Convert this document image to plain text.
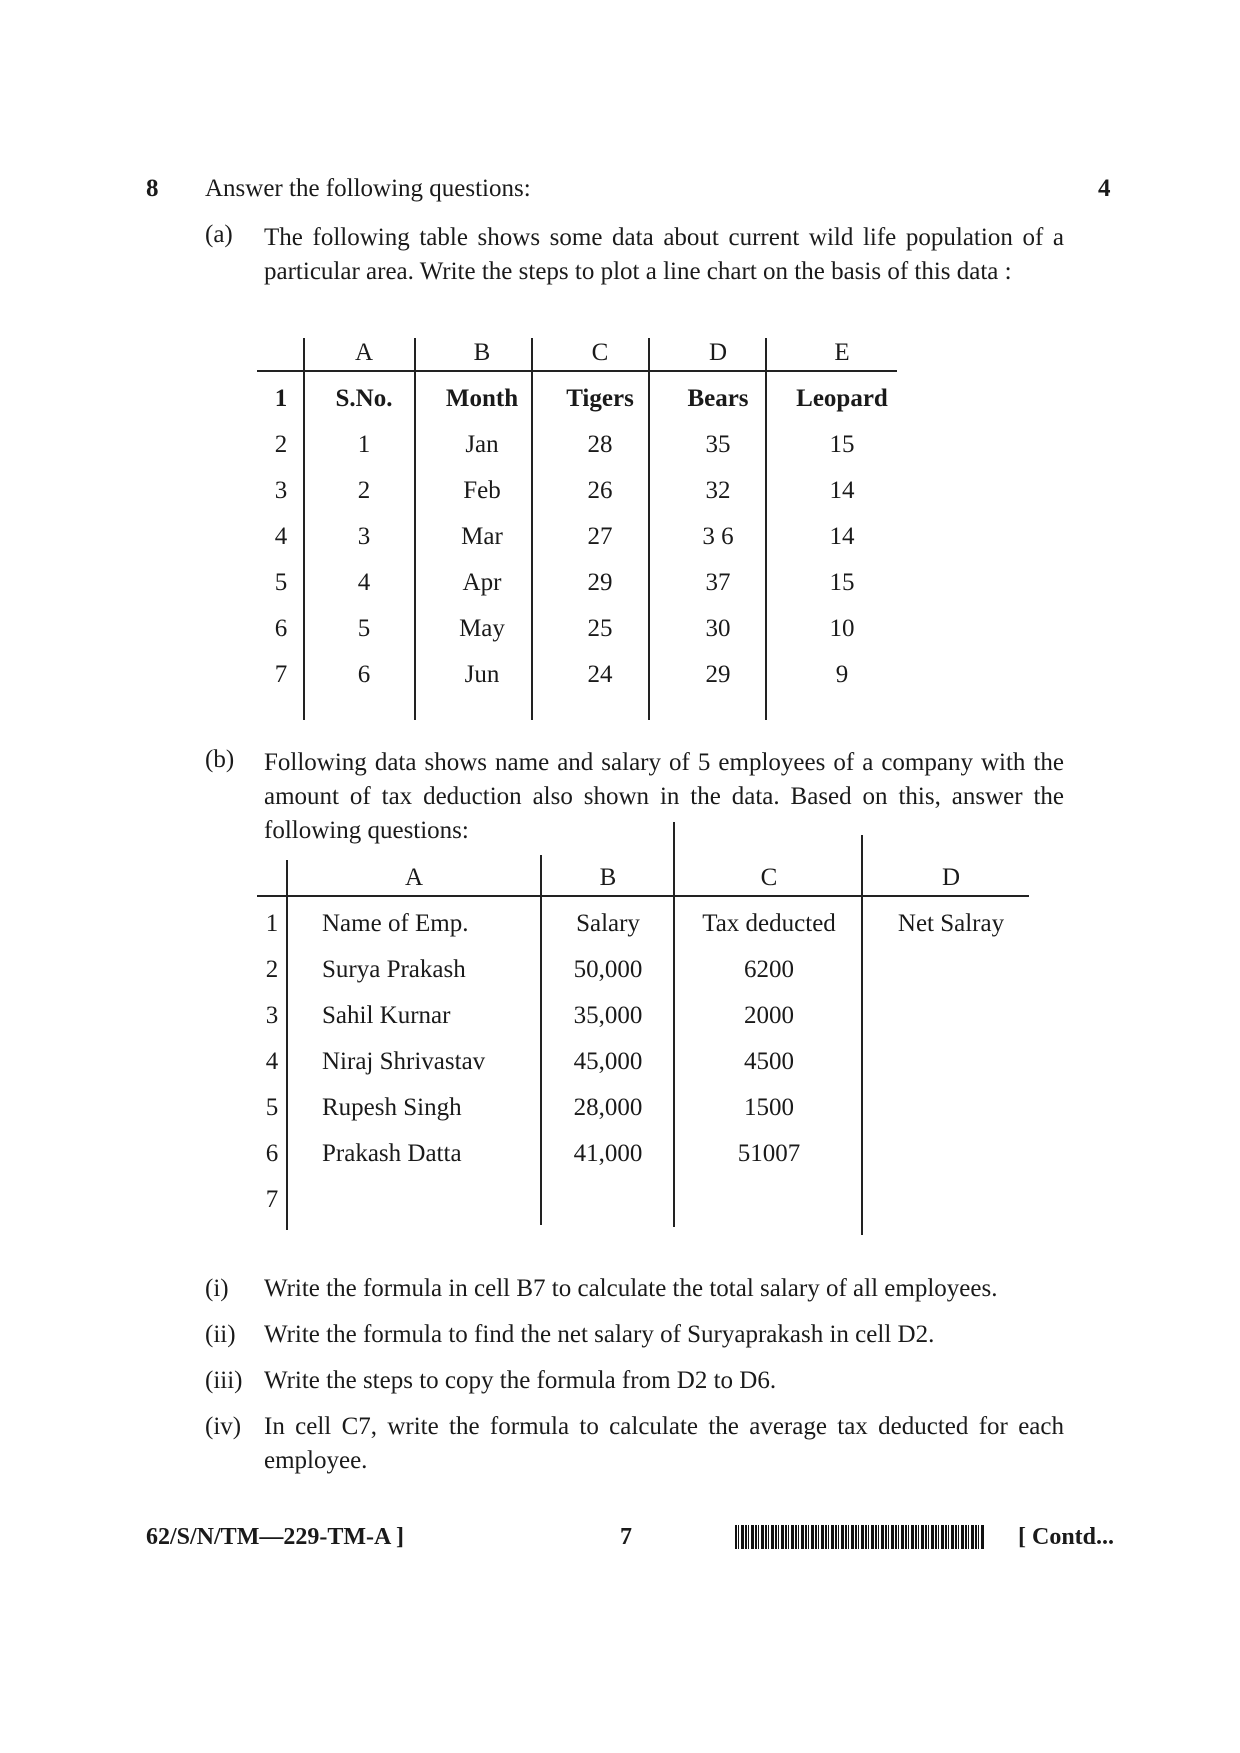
8 Answer the following questions:	4
(a) The following table shows some data about current wild life population of a particular area. Write the steps to plot a line chart on the basis of this data :
	A	B	C	D	E
1	S.No.	Month	Tigers	Bears	Leopard
2	1	Jan	28	35	15
3	2	Feb	26	32	14
4	3	Mar	27	3 6	14
5	4	Apr	29	37	15
6	5	May	25	30	10
7	6	Jun	24	29	9
(b) Following data shows name and salary of 5 employees of a company with the amount of tax deduction also shown in the data. Based on this, answer the following questions:
	A	B	C	D
1	Name of Emp.	Salary	Tax deducted	Net Salray
2	Surya Prakash	50,000	6200	
3	Sahil Kurnar	35,000	2000	
4	Niraj Shrivastav	45,000	4500	
5	Rupesh Singh	28,000	1500	
6	Prakash Datta	41,000	51007	
7				
(i) Write the formula in cell B7 to calculate the total salary of all employees.
(ii) Write the formula to find the net salary of Suryaprakash in cell D2.
(iii) Write the steps to copy the formula from D2 to D6.
(iv) In cell C7, write the formula to calculate the average tax deducted for each employee.
62/S/N/TM—229-TM-A ]	7	[ Contd...
